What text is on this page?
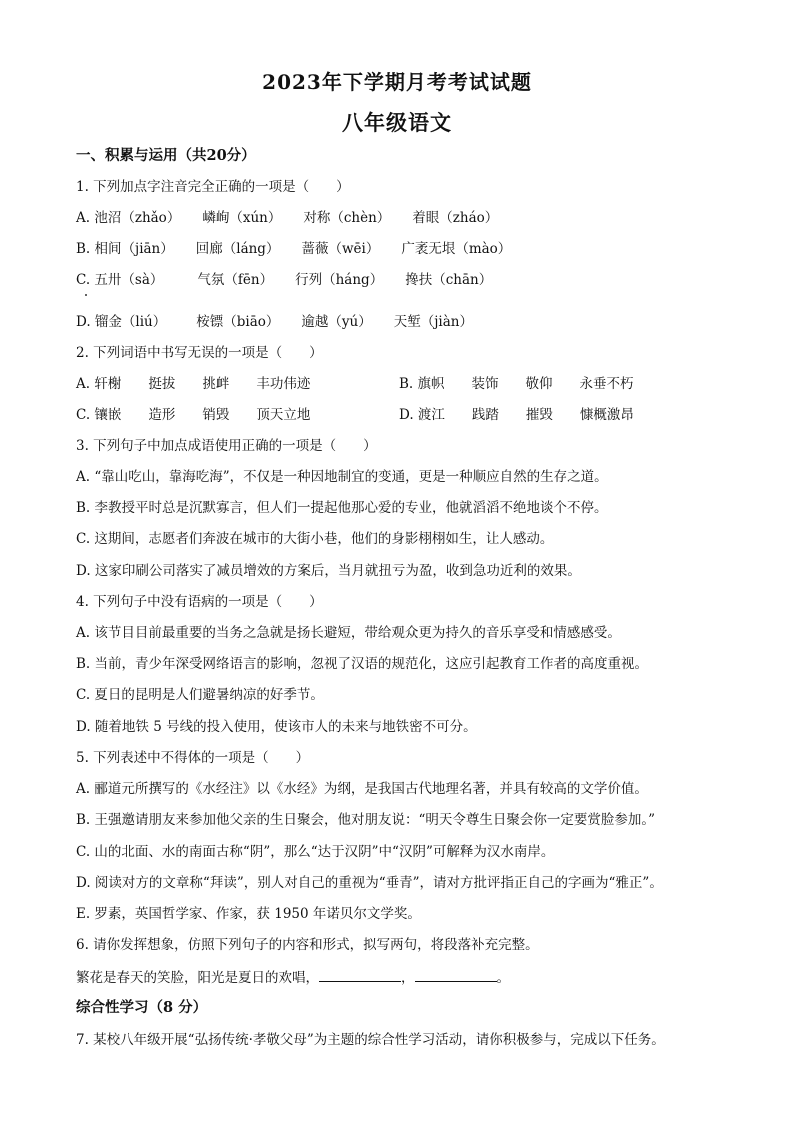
2023年下学期月考考试试题
八年级语文
一、积累与运用（共20分）
1. 下列加点字注音完全正确的一项是（　　）
A. 池沼（zhǎo） 嶙峋（xún） 对称（chèn） 着眼（zháo）
B. 相间（jiān） 回廊（láng） 蔷薇（wēi） 广袤无垠（mào）
C. 五卅（sà）	气氛（fēn） 行列（háng） 搀扶（chān）
D. 镏金（liú） 桉镖（biāo） 逾越（yú） 天堑（jiàn）
2. 下列词语中书写无误的一项是（　　）
A. 轩榭　　挺拔　　挑衅　　丰功伟迹	B. 旗帜　　装饰　　敬仰　　永垂不朽
C. 镶嵌　　造形　　销毁　　顶天立地	D. 渡江　　践踏　　摧毁　　慷概激昂
3. 下列句子中加点成语使用正确的一项是（　　）
A. “靠山吃山，靠海吃海”，不仅是一种因地制宜的变通，更是一种顺应自然的生存之道。
B. 李教授平时总是沉默寡言，但人们一提起他那心爱的专业，他就滔滔不绝地谈个不停。
C. 这期间，志愿者们奔波在城市的大街小巷，他们的身影栩栩如生，让人感动。
D. 这家印刷公司落实了减员增效的方案后，当月就扭亏为盈，收到急功近利的效果。
4. 下列句子中没有语病的一项是（　　）
A. 该节目目前最重要的当务之急就是扬长避短，带给观众更为持久的音乐享受和情感感受。
B. 当前，青少年深受网络语言的影响，忽视了汉语的规范化，这应引起教育工作者的高度重视。
C. 夏日的昆明是人们避暑纳凉的好季节。
D. 随着地铁 5 号线的投入使用，使该市人的未来与地铁密不可分。
5. 下列表述中不得体的一项是（　　）
A. 郦道元所撰写的《水经注》以《水经》为纲，是我国古代地理名著，并具有较高的文学价值。
B. 王强邀请朋友来参加他父亲的生日聚会，他对朋友说：“明天令尊生日聚会你一定要赏脸参加。”
C. 山的北面、水的南面古称“阴”，那么“达于汉阴”中“汉阴”可解释为汉水南岸。
D. 阅读对方的文章称“拜读”，别人对自己的重视为“垂青”，请对方批评指正自己的字画为“雅正”。
E. 罗素，英国哲学家、作家，获 1950 年诺贝尔文学奖。
6. 请你发挥想象，仿照下列句子的内容和形式，拟写两句，将段落补充完整。
繁花是春天的笑脸，阳光是夏日的欢唱，	，	。
综合性学习（8 分）
7. 某校八年级开展“弘扬传统·孝敬父母”为主题的综合性学习活动，请你积极参与，完成以下任务。
